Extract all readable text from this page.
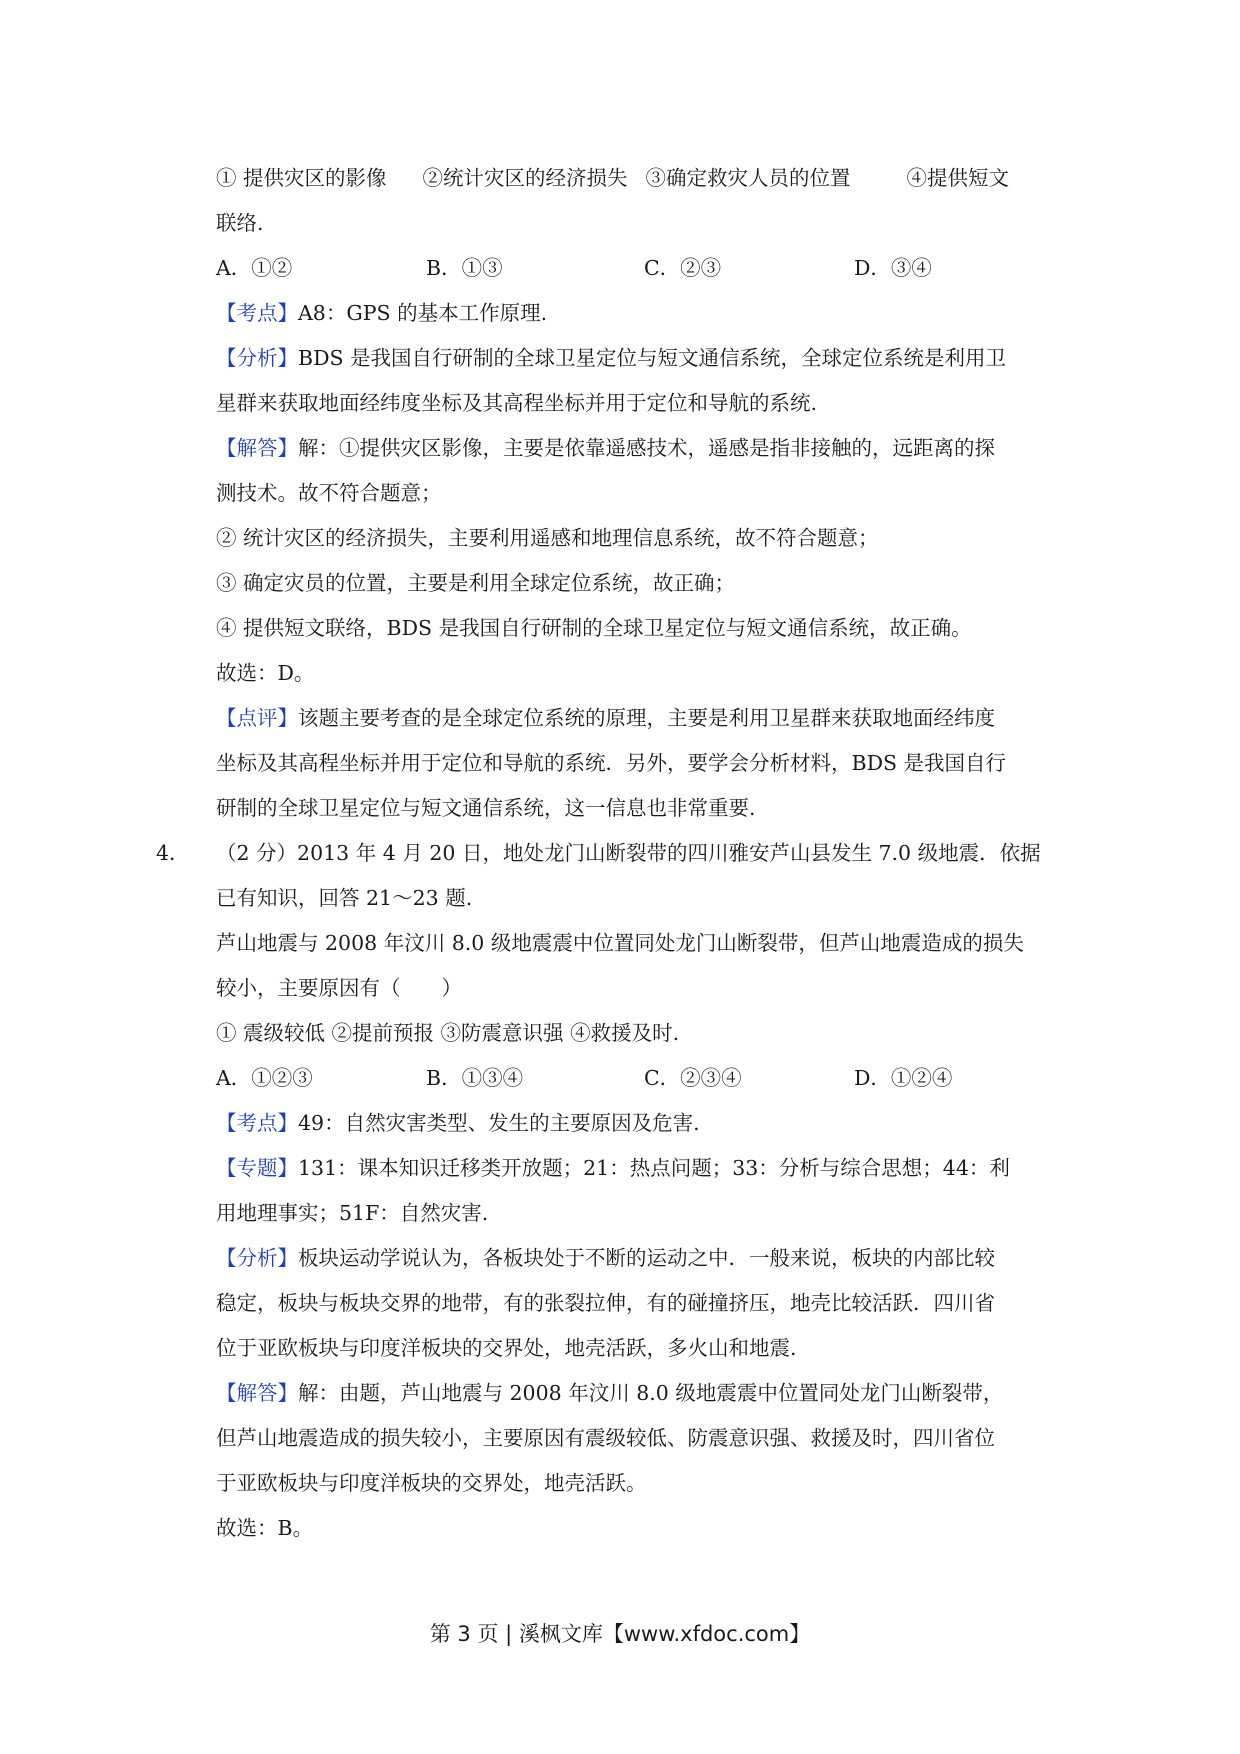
① 提供灾区的影像 ②统计灾区的经济损失 ③确定救灾人员的位置	④提供短文
联络.
A．①②	B．①③	C．②③	D．③④
【考点】A8：GPS 的基本工作原理.
【分析】BDS 是我国自行研制的全球卫星定位与短文通信系统，全球定位系统是利用卫
星群来获取地面经纬度坐标及其高程坐标并用于定位和导航的系统.
【解答】解：①提供灾区影像，主要是依靠遥感技术，遥感是指非接触的，远距离的探
测技术。故不符合题意；
② 统计灾区的经济损失，主要利用遥感和地理信息系统，故不符合题意；
③ 确定灾员的位置，主要是利用全球定位系统，故正确；
④ 提供短文联络，BDS 是我国自行研制的全球卫星定位与短文通信系统，故正确。
故选：D。
【点评】该题主要考查的是全球定位系统的原理，主要是利用卫星群来获取地面经纬度
坐标及其高程坐标并用于定位和导航的系统．另外，要学会分析材料，BDS 是我国自行
研制的全球卫星定位与短文通信系统，这一信息也非常重要.
4． （2 分）2013 年 4 月 20 日，地处龙门山断裂带的四川雅安芦山县发生 7.0 级地震．依据
已有知识，回答 21～23 题.
芦山地震与 2008 年汶川 8.0 级地震震中位置同处龙门山断裂带，但芦山地震造成的损失
较小，主要原因有（　　）
① 震级较低 ②提前预报 ③防震意识强 ④救援及时.
A．①②③	B．①③④	C．②③④	D．①②④
【考点】49：自然灾害类型、发生的主要原因及危害.
【专题】131：课本知识迁移类开放题；21：热点问题；33：分析与综合思想；44：利
用地理事实；51F：自然灾害.
【分析】板块运动学说认为，各板块处于不断的运动之中．一般来说，板块的内部比较
稳定，板块与板块交界的地带，有的张裂拉伸，有的碰撞挤压，地壳比较活跃．四川省
位于亚欧板块与印度洋板块的交界处，地壳活跃，多火山和地震.
【解答】解：由题，芦山地震与 2008 年汶川 8.0 级地震震中位置同处龙门山断裂带，
但芦山地震造成的损失较小，主要原因有震级较低、防震意识强、救援及时，四川省位
于亚欧板块与印度洋板块的交界处，地壳活跃。
故选：B。
第 3 页 | 溪枫文库【www.xfdoc.com】
